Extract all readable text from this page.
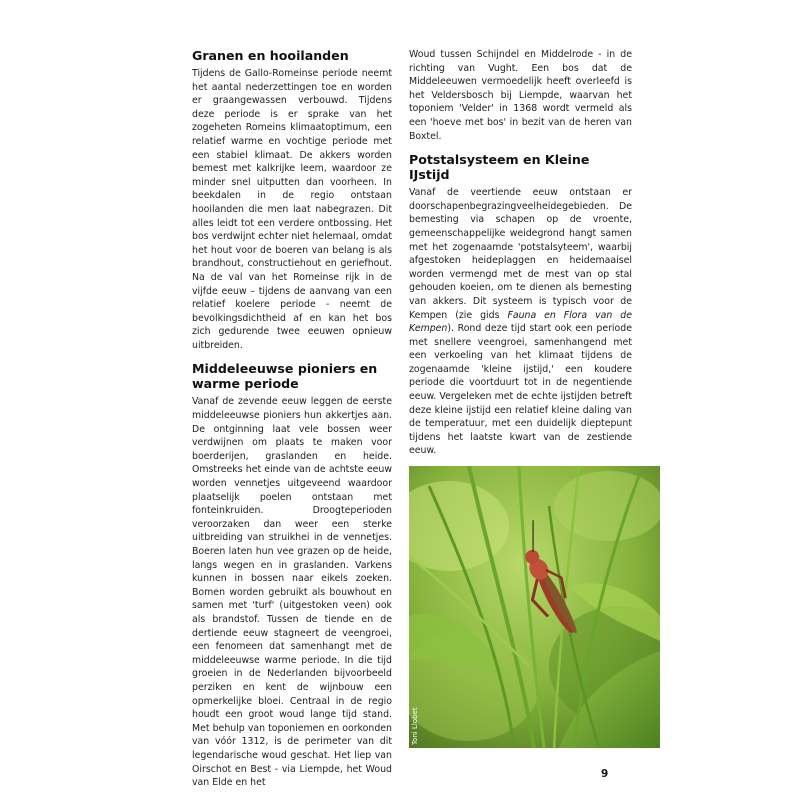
Granen en hooilanden

Tijdens de Gallo-Romeinse periode neemt het aantal nederzettingen toe en worden er graangewassen verbouwd. Tijdens deze periode is er sprake van het zogeheten Romeins klimaatoptimum, een relatief warme en vochtige periode met een stabiel klimaat. De akkers worden bemest met kalkrijke leem, waardoor ze minder snel uitputten dan voorheen. In beekdalen in de regio ontstaan hooilanden die men laat nabegrazen. Dit alles leidt tot een verdere ontbossing. Het bos verdwijnt echter niet helemaal, omdat het hout voor de boeren van belang is als brandhout, constructiehout en geriefhout. Na de val van het Romeinse rijk in de vijfde eeuw – tijdens de aanvang van een relatief koelere periode - neemt de bevolkingsdichtheid af en kan het bos zich gedurende twee eeuwen opnieuw uitbreiden.

Middeleeuwse pioniers en warme periode

Vanaf de zevende eeuw leggen de eerste middeleeuwse pioniers hun akkertjes aan. De ontginning laat vele bossen weer verdwijnen om plaats te maken voor boerderijen, graslanden en heide. Omstreeks het einde van de achtste eeuw worden vennetjes uitgeveend waardoor plaatselijk poelen ontstaan met fonteinkruiden. Droogteperioden veroorzaken dan weer een sterke uitbreiding van struikhei in de vennetjes. Boeren laten hun vee grazen op de heide, langs wegen en in graslanden. Varkens kunnen in bossen naar eikels zoeken. Bomen worden gebruikt als bouwhout en samen met 'turf' (uitgestoken veen) ook als brandstof. Tussen de tiende en de dertiende eeuw stagneert de veengroei, een fenomeen dat samenhangt met de middeleeuwse warme periode. In die tijd groeien in de Nederlanden bijvoorbeeld perziken en kent de wijnbouw een opmerkelijke bloei. Centraal in de regio houdt een groot woud lange tijd stand. Met behulp van toponiemen en oorkonden van vóór 1312, is de perimeter van dit legendarische woud geschat. Het liep van Oirschot en Best - via Liempde, het Woud van Elde en het

Woud tussen Schijndel en Middelrode - in de richting van Vught. Een bos dat de Middeleeuwen vermoedelijk heeft overleefd is het Veldersbosch bij Liempde, waarvan het toponiem 'Velder' in 1368 wordt vermeld als een 'hoeve met bos' in bezit van de heren van Boxtel.

Potstalsysteem en Kleine IJstijd

Vanaf de veertiende eeuw ontstaan er doorschapenbegrazingveelheidegebieden. De bemesting via schapen op de vroente, gemeenschappelijke weidegrond hangt samen met het zogenaamde 'potstalsyteem', waarbij afgestoken heideplaggen en heidemaaisel worden vermengd met de mest van op stal gehouden koeien, om te dienen als bemesting van akkers. Dit systeem is typisch voor de Kempen (zie gids Fauna en Flora van de Kempen). Rond deze tijd start ook een periode met snellere veengroei, samenhangend met een verkoeling van het klimaat tijdens de zogenaamde 'kleine ijstijd,' een koudere periode die voortduurt tot in de negentiende eeuw. Vergeleken met de echte ijstijden betreft deze kleine ijstijd een relatief kleine daling van de temperatuur, met een duidelijk dieptepunt tijdens het laatste kwart van de zestiende eeuw.

Toni Llobet
9
